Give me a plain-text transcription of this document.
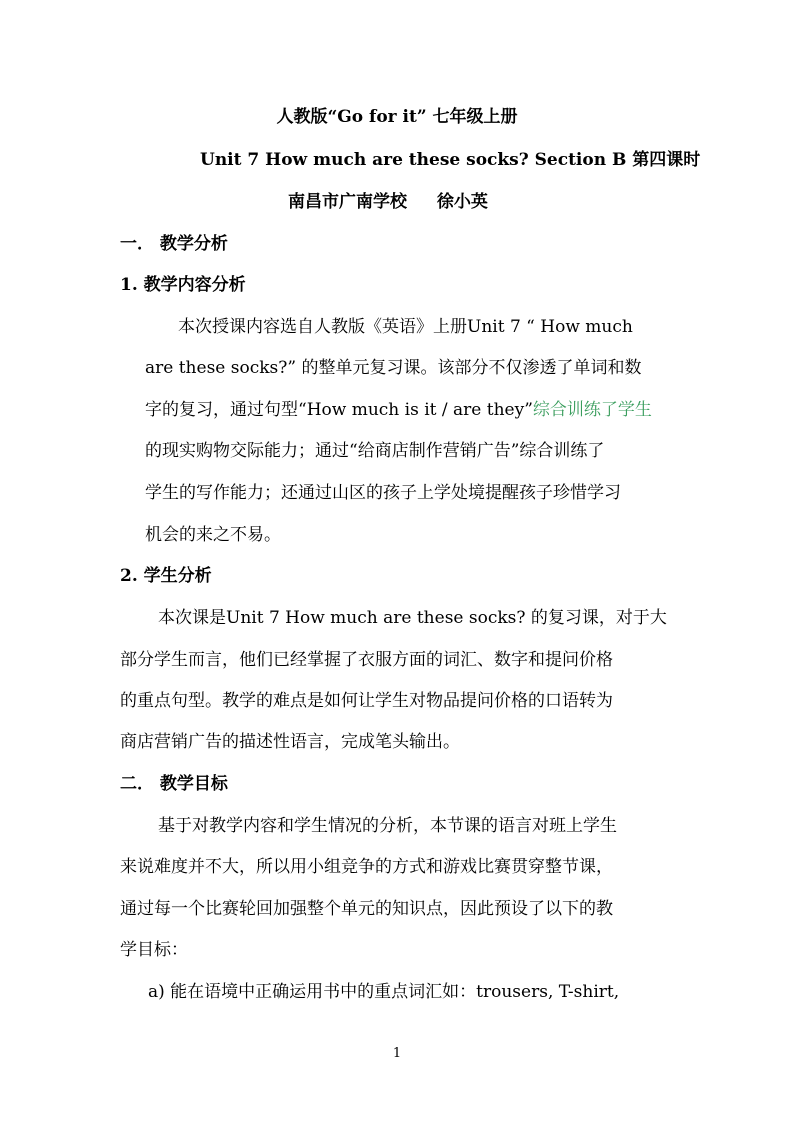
人教版“Go for it” 七年级上册
Unit 7 How much are these socks? Section B 第四课时
南昌市广南学校 徐小英
一． 教学分析
1. 教学内容分析
本次授课内容选自人教版《英语》上册Unit 7 “ How much
are these socks?” 的整单元复习课。该部分不仅渗透了单词和数
字的复习，通过句型“How much is it / are they”综合训练了学生
的现实购物交际能力；通过“给商店制作营销广告”综合训练了
学生的写作能力；还通过山区的孩子上学处境提醒孩子珍惜学习
机会的来之不易。
2. 学生分析
本次课是Unit 7 How much are these socks? 的复习课，对于大
部分学生而言，他们已经掌握了衣服方面的词汇、数字和提问价格
的重点句型。教学的难点是如何让学生对物品提问价格的口语转为
商店营销广告的描述性语言，完成笔头输出。
二． 教学目标
基于对教学内容和学生情况的分析，本节课的语言对班上学生
来说难度并不大，所以用小组竞争的方式和游戏比赛贯穿整节课，
通过每一个比赛轮回加强整个单元的知识点，因此预设了以下的教
学目标：
a) 能在语境中正确运用书中的重点词汇如：trousers, T-shirt,
1
